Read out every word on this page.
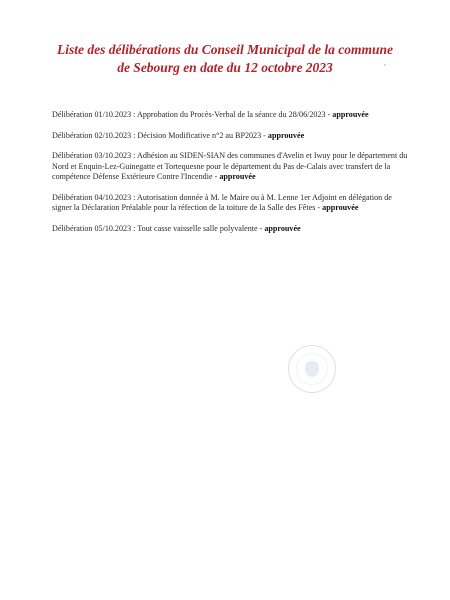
Liste des délibérations du Conseil Municipal de la commune
de Sebourg en date du 12 octobre 2023

Délibération 01/10.2023 : Approbation du Procès-Verbal de la séance du 28/06/2023 - approuvée

Délibération 02/10.2023 : Décision Modificative n°2 au BP2023 - approuvée

Délibération 03/10.2023 : Adhésion au SIDEN-SIAN des communes d'Avelin et Iwuy pour le département du Nord et Enquin-Lez-Guinegatte et Tortequesne pour le département du Pas de-Calais avec transfert de la compétence Défense Extérieure Contre l'Incendie - approuvée

Délibération 04/10.2023 : Autorisation donnée à M. le Maire ou à M. Lenne 1er Adjoint en délégation de signer la Déclaration Préalable pour la réfection de la toiture de la Salle des Fêtes - approuvée

Délibération 05/10.2023 : Tout casse vaisselle salle polyvalente - approuvée
